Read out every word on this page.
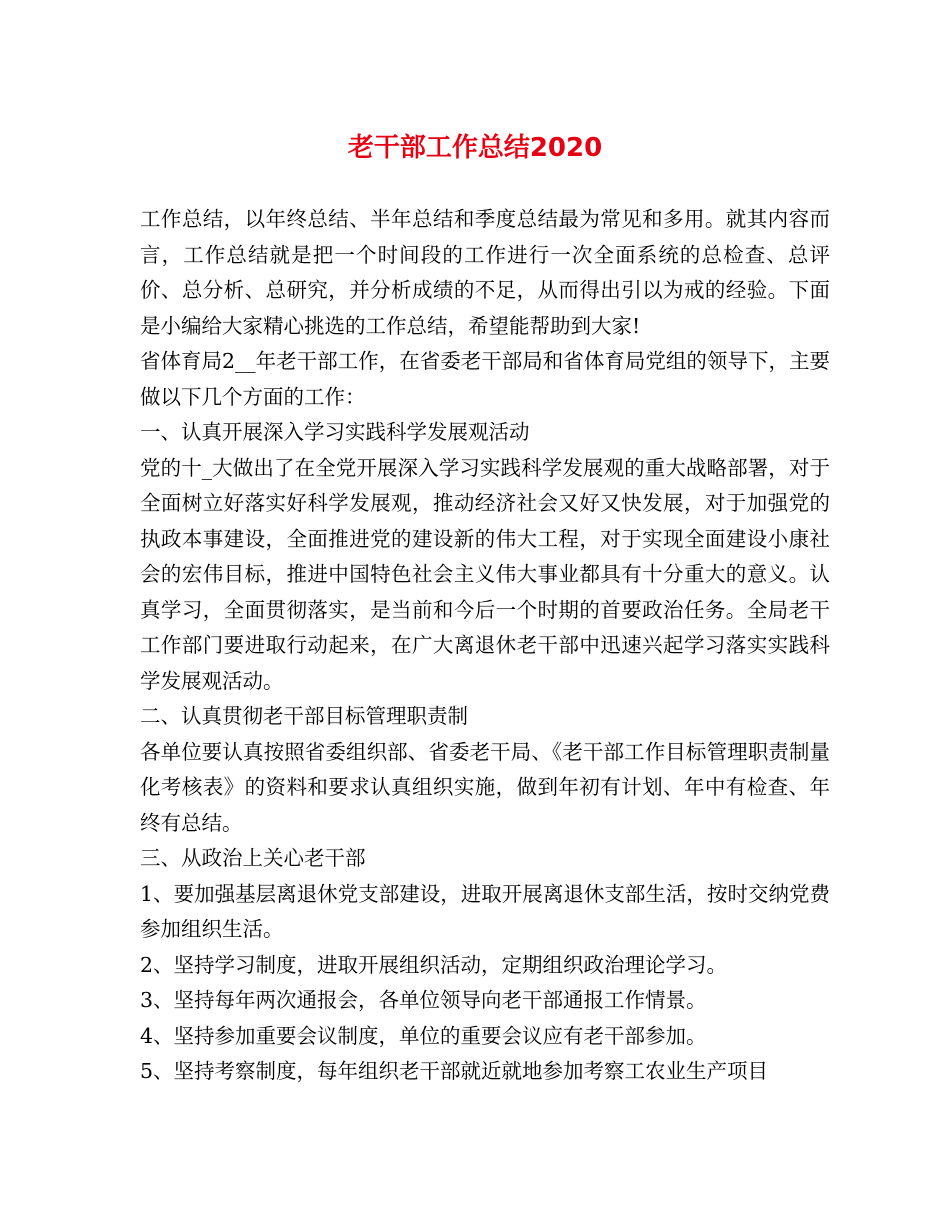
老干部工作总结2020

工作总结，以年终总结、半年总结和季度总结最为常见和多用。就其内容而言，工作总结就是把一个时间段的工作进行一次全面系统的总检查、总评价、总分析、总研究，并分析成绩的不足，从而得出引以为戒的经验。下面是小编给大家精心挑选的工作总结，希望能帮助到大家!

省体育局2__年老干部工作，在省委老干部局和省体育局党组的领导下，主要做以下几个方面的工作：

一、认真开展深入学习实践科学发展观活动

党的十_大做出了在全党开展深入学习实践科学发展观的重大战略部署，对于全面树立好落实好科学发展观，推动经济社会又好又快发展，对于加强党的执政本事建设，全面推进党的建设新的伟大工程，对于实现全面建设小康社会的宏伟目标，推进中国特色社会主义伟大事业都具有十分重大的意义。认真学习，全面贯彻落实，是当前和今后一个时期的首要政治任务。全局老干工作部门要进取行动起来，在广大离退休老干部中迅速兴起学习落实实践科学发展观活动。

二、认真贯彻老干部目标管理职责制

各单位要认真按照省委组织部、省委老干局、《老干部工作目标管理职责制量化考核表》的资料和要求认真组织实施，做到年初有计划、年中有检查、年终有总结。

三、从政治上关心老干部

1、要加强基层离退休党支部建设，进取开展离退休支部生活，按时交纳党费参加组织生活。

2、坚持学习制度，进取开展组织活动，定期组织政治理论学习。

3、坚持每年两次通报会，各单位领导向老干部通报工作情景。

4、坚持参加重要会议制度，单位的重要会议应有老干部参加。

5、坚持考察制度，每年组织老干部就近就地参加考察工农业生产项目
